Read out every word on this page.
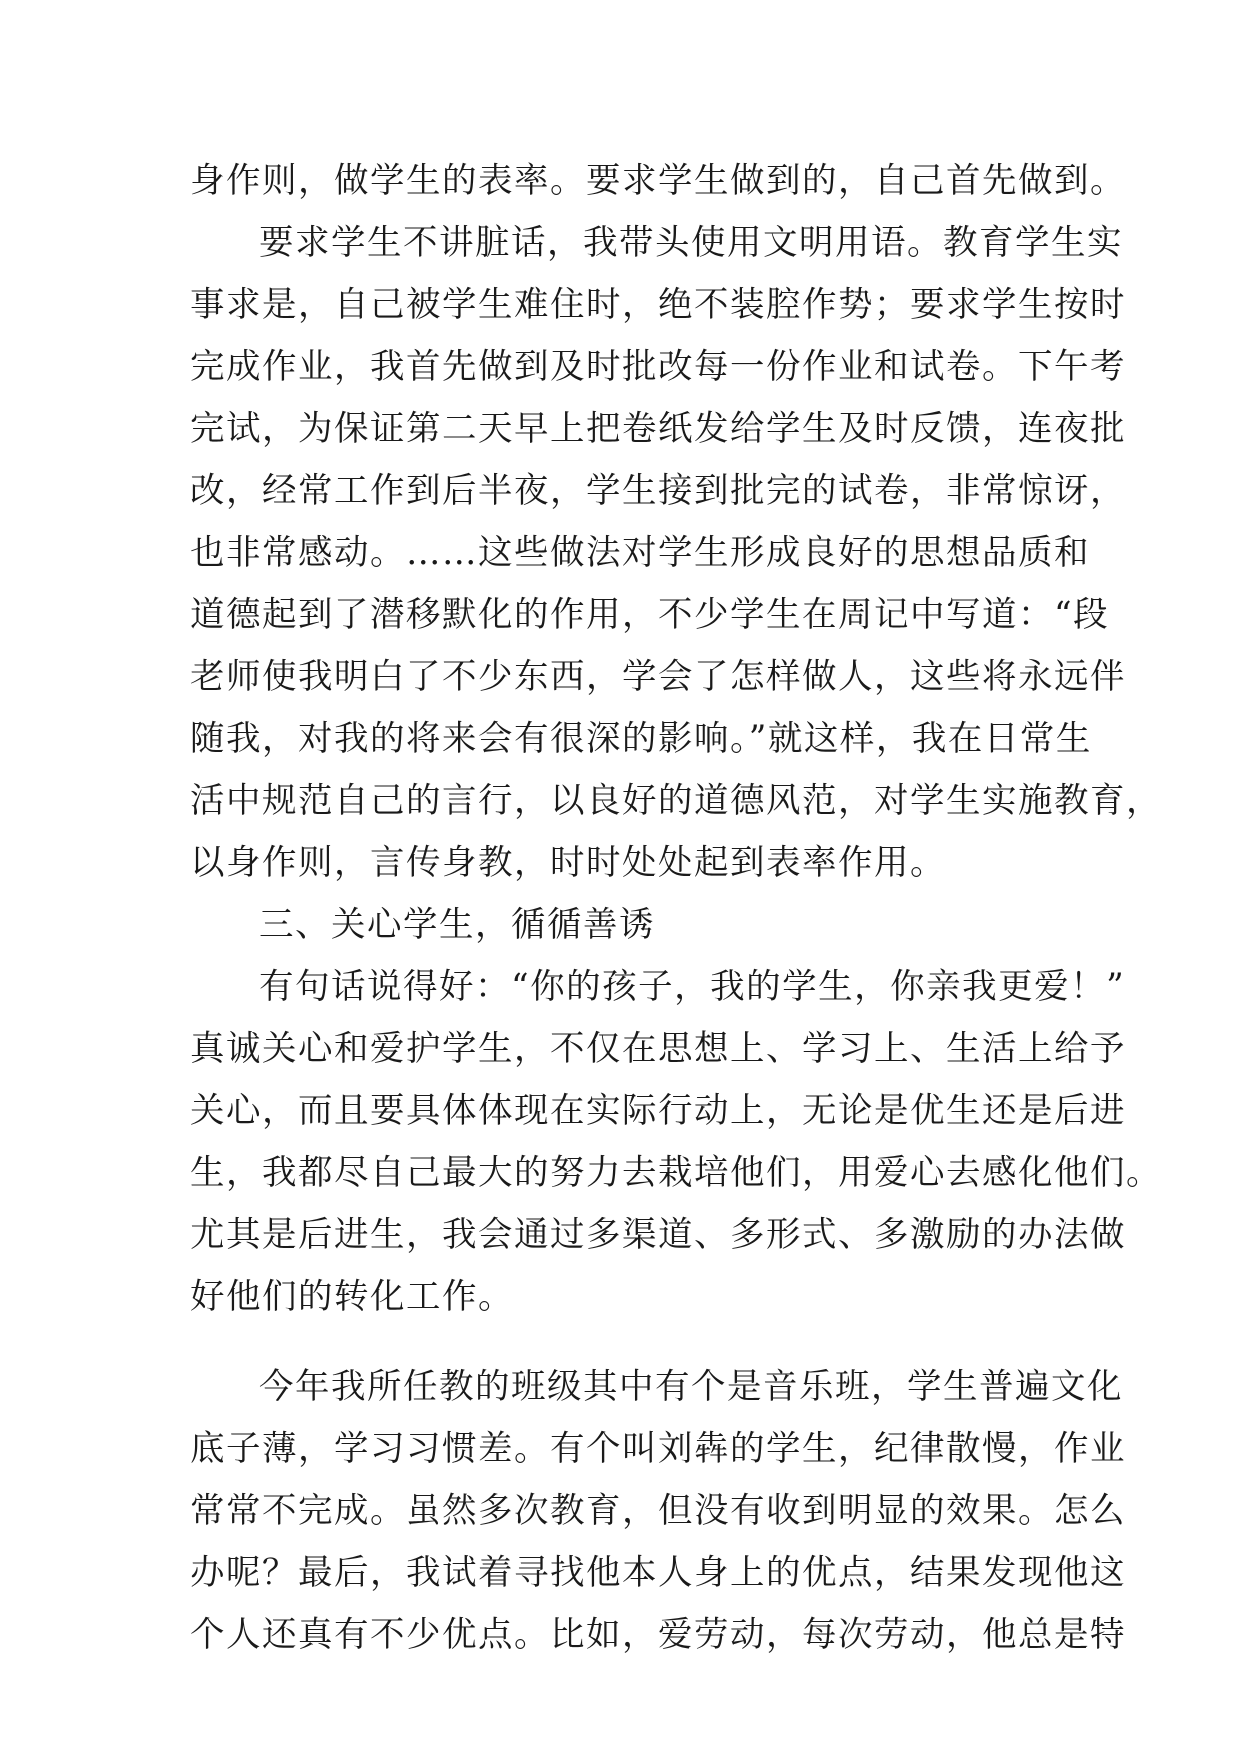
身作则，做学生的表率。要求学生做到的，自己首先做到。
要求学生不讲脏话，我带头使用文明用语。教育学生实
事求是，自己被学生难住时，绝不装腔作势；要求学生按时
完成作业，我首先做到及时批改每一份作业和试卷。下午考
完试，为保证第二天早上把卷纸发给学生及时反馈，连夜批
改，经常工作到后半夜，学生接到批完的试卷，非常惊讶，
也非常感动。……这些做法对学生形成良好的思想品质和
道德起到了潜移默化的作用，不少学生在周记中写道：“段
老师使我明白了不少东西，学会了怎样做人，这些将永远伴
随我，对我的将来会有很深的影响。”就这样，我在日常生
活中规范自己的言行，以良好的道德风范，对学生实施教育，
以身作则，言传身教，时时处处起到表率作用。
三、关心学生，循循善诱
有句话说得好：“你的孩子，我的学生，你亲我更爱！”
真诚关心和爱护学生，不仅在思想上、学习上、生活上给予
关心，而且要具体体现在实际行动上，无论是优生还是后进
生，我都尽自己最大的努力去栽培他们，用爱心去感化他们。
尤其是后进生，我会通过多渠道、多形式、多激励的办法做
好他们的转化工作。
今年我所任教的班级其中有个是音乐班，学生普遍文化
底子薄，学习习惯差。有个叫刘犇的学生，纪律散慢，作业
常常不完成。虽然多次教育，但没有收到明显的效果。怎么
办呢？最后，我试着寻找他本人身上的优点，结果发现他这
个人还真有不少优点。比如，爱劳动，每次劳动，他总是特
